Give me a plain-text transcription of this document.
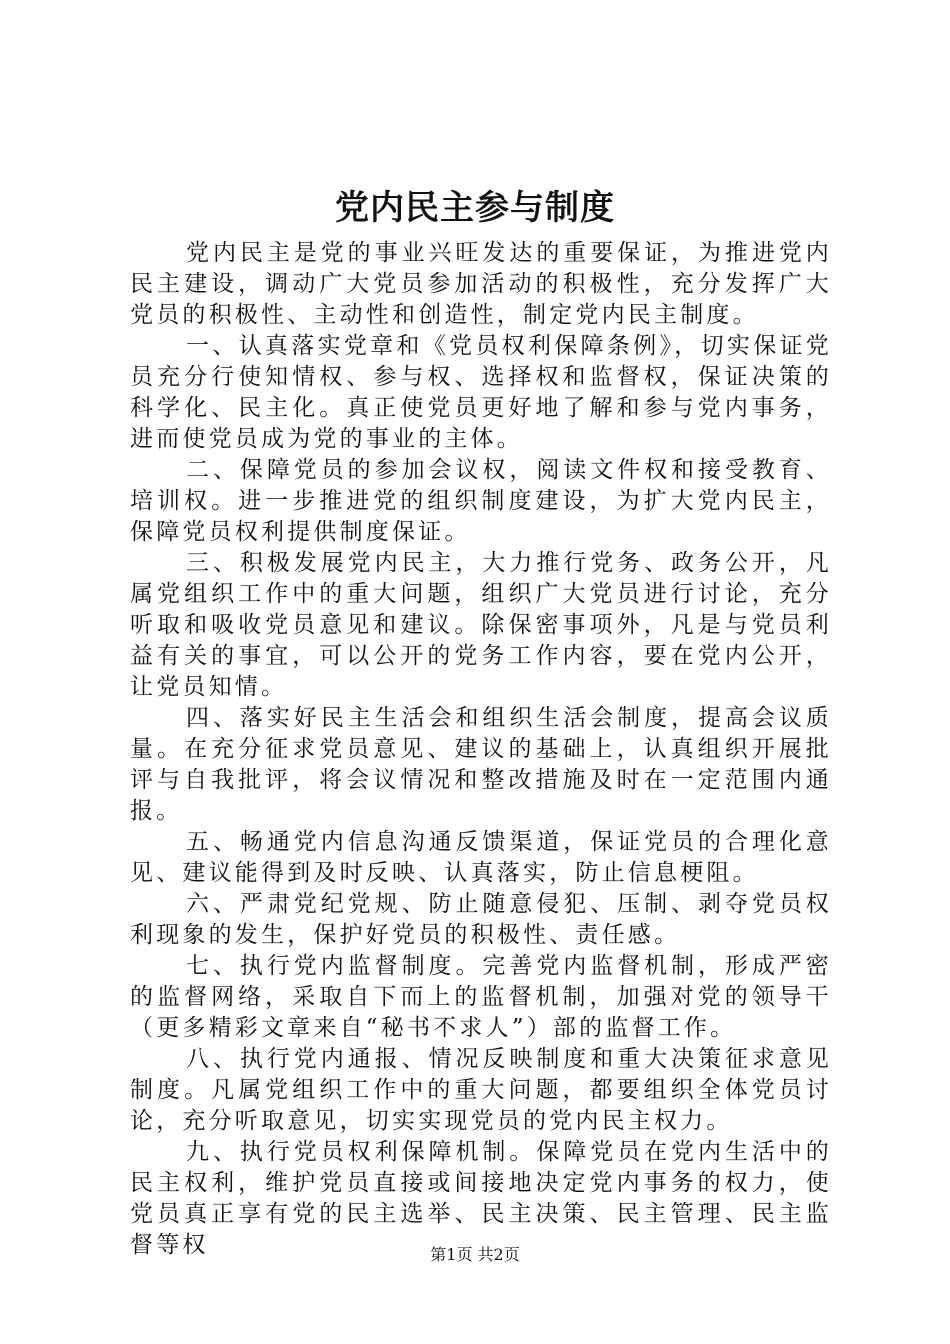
党内民主参与制度

党内民主是党的事业兴旺发达的重要保证，为推进党内民主建设，调动广大党员参加活动的积极性，充分发挥广大党员的积极性、主动性和创造性，制定党内民主制度。

一、认真落实党章和《党员权利保障条例》，切实保证党员充分行使知情权、参与权、选择权和监督权，保证决策的科学化、民主化。真正使党员更好地了解和参与党内事务，进而使党员成为党的事业的主体。

二、保障党员的参加会议权，阅读文件权和接受教育、培训权。进一步推进党的组织制度建设，为扩大党内民主，保障党员权利提供制度保证。

三、积极发展党内民主，大力推行党务、政务公开，凡属党组织工作中的重大问题，组织广大党员进行讨论，充分听取和吸收党员意见和建议。除保密事项外，凡是与党员利益有关的事宜，可以公开的党务工作内容，要在党内公开，让党员知情。

四、落实好民主生活会和组织生活会制度，提高会议质量。在充分征求党员意见、建议的基础上，认真组织开展批评与自我批评，将会议情况和整改措施及时在一定范围内通报。

五、畅通党内信息沟通反馈渠道，保证党员的合理化意见、建议能得到及时反映、认真落实，防止信息梗阻。

六、严肃党纪党规、防止随意侵犯、压制、剥夺党员权利现象的发生，保护好党员的积极性、责任感。

七、执行党内监督制度。完善党内监督机制，形成严密的监督网络，采取自下而上的监督机制，加强对党的领导干（更多精彩文章来自“秘书不求人”）部的监督工作。

八、执行党内通报、情况反映制度和重大决策征求意见制度。凡属党组织工作中的重大问题，都要组织全体党员讨论，充分听取意见，切实实现党员的党内民主权力。

九、执行党员权利保障机制。保障党员在党内生活中的民主权利，维护党员直接或间接地决定党内事务的权力，使党员真正享有党的民主选举、民主决策、民主管理、民主监督等权	第1页 共2页
